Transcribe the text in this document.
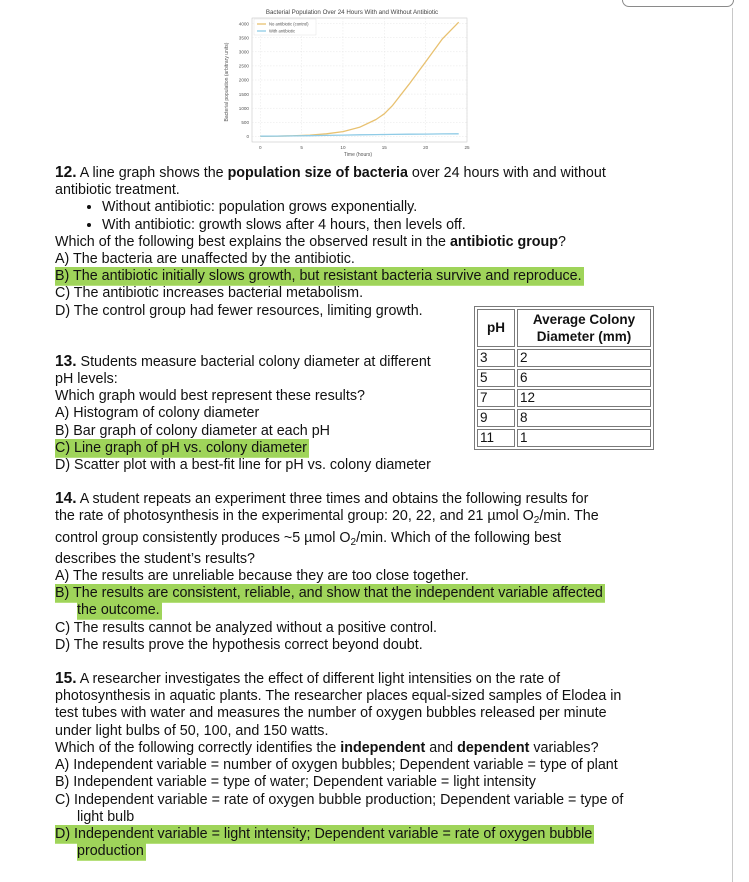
Bacterial Population Over 24 Hours With and Without Antibiotic
0
500
1000
1500
2000
2500
3000
3500
4000
0	5	10	15	20	25
No antibiotic (control)
With antibiotic
Time (hours)
Bacterial population (arbitrary units)

12. A line graph shows the population size of bacteria over 24 hours with and without

antibiotic treatment.

• Without antibiotic: population grows exponentially.
• With antibiotic: growth slows after 4 hours, then levels off.

Which of the following best explains the observed result in the antibiotic group?

A) The bacteria are unaffected by the antibiotic.

B) The antibiotic initially slows growth, but resistant bacteria survive and reproduce.

C) The antibiotic increases bacterial metabolism.

D) The control group had fewer resources, limiting growth.

13. Students measure bacterial colony diameter at different

pH levels:

Which graph would best represent these results?

A) Histogram of colony diameter

B) Bar graph of colony diameter at each pH

C) Line graph of pH vs. colony diameter

D) Scatter plot with a best-fit line for pH vs. colony diameter

14. A student repeats an experiment three times and obtains the following results for

the rate of photosynthesis in the experimental group: 20, 22, and 21 µmol $O_2/\min$. The

control group consistently produces ~5 µmol $O_2/\min$. Which of the following best

describes the student’s results?

A) The results are unreliable because they are too close together.

B) The results are consistent, reliable, and show that the independent variable affected

the outcome.

C) The results cannot be analyzed without a positive control.

D) The results prove the hypothesis correct beyond doubt.

15. A researcher investigates the effect of different light intensities on the rate of

photosynthesis in aquatic plants. The researcher places equal-sized samples of Elodea in

test tubes with water and measures the number of oxygen bubbles released per minute

under light bulbs of 50, 100, and 150 watts.

Which of the following correctly identifies the independent and dependent variables?

A) Independent variable = number of oxygen bubbles; Dependent variable = type of plant

B) Independent variable = type of water; Dependent variable = light intensity

C) Independent variable = rate of oxygen bubble production; Dependent variable = type of

light bulb

D) Independent variable = light intensity; Dependent variable = rate of oxygen bubble

production

pH	Average Colony
Diameter (mm)
3	2
5	6
7	12
9	8
11	1
